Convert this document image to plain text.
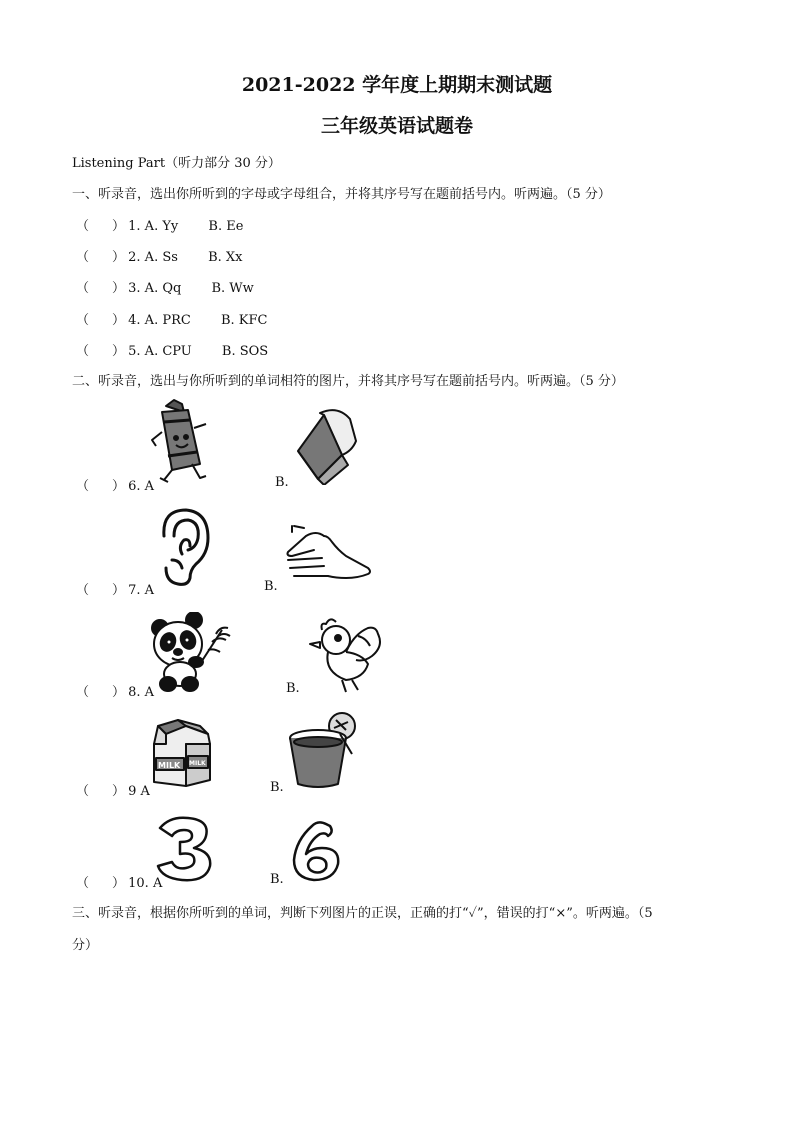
2021-2022 学年度上期期末测试题
三年级英语试题卷
Listening Part（听力部分 30 分）
一、听录音，选出你所听到的字母或字母组合，并将其序号写在题前括号内。听两遍。（5 分）
（ ） 1. A. Yy B. Ee
（ ） 2. A. Ss B. Xx
（ ） 3. A. Qq B. Ww
（ ） 4. A. PRC B. KFC
（ ） 5. A. CPU B. SOS
二、听录音，选出与你所听到的单词相符的图片，并将其序号写在题前括号内。听两遍。（5 分）
（ ） 6. A	B.
（ ） 7. A	B.
（ ） 8. A	B.
（ ） 9 A	B.
（ ） 10. A	B.
MILK MILK
三、听录音，根据你所听到的单词，判断下列图片的正误，正确的打“✓”，错误的打“×”。听两遍。（5
分）
